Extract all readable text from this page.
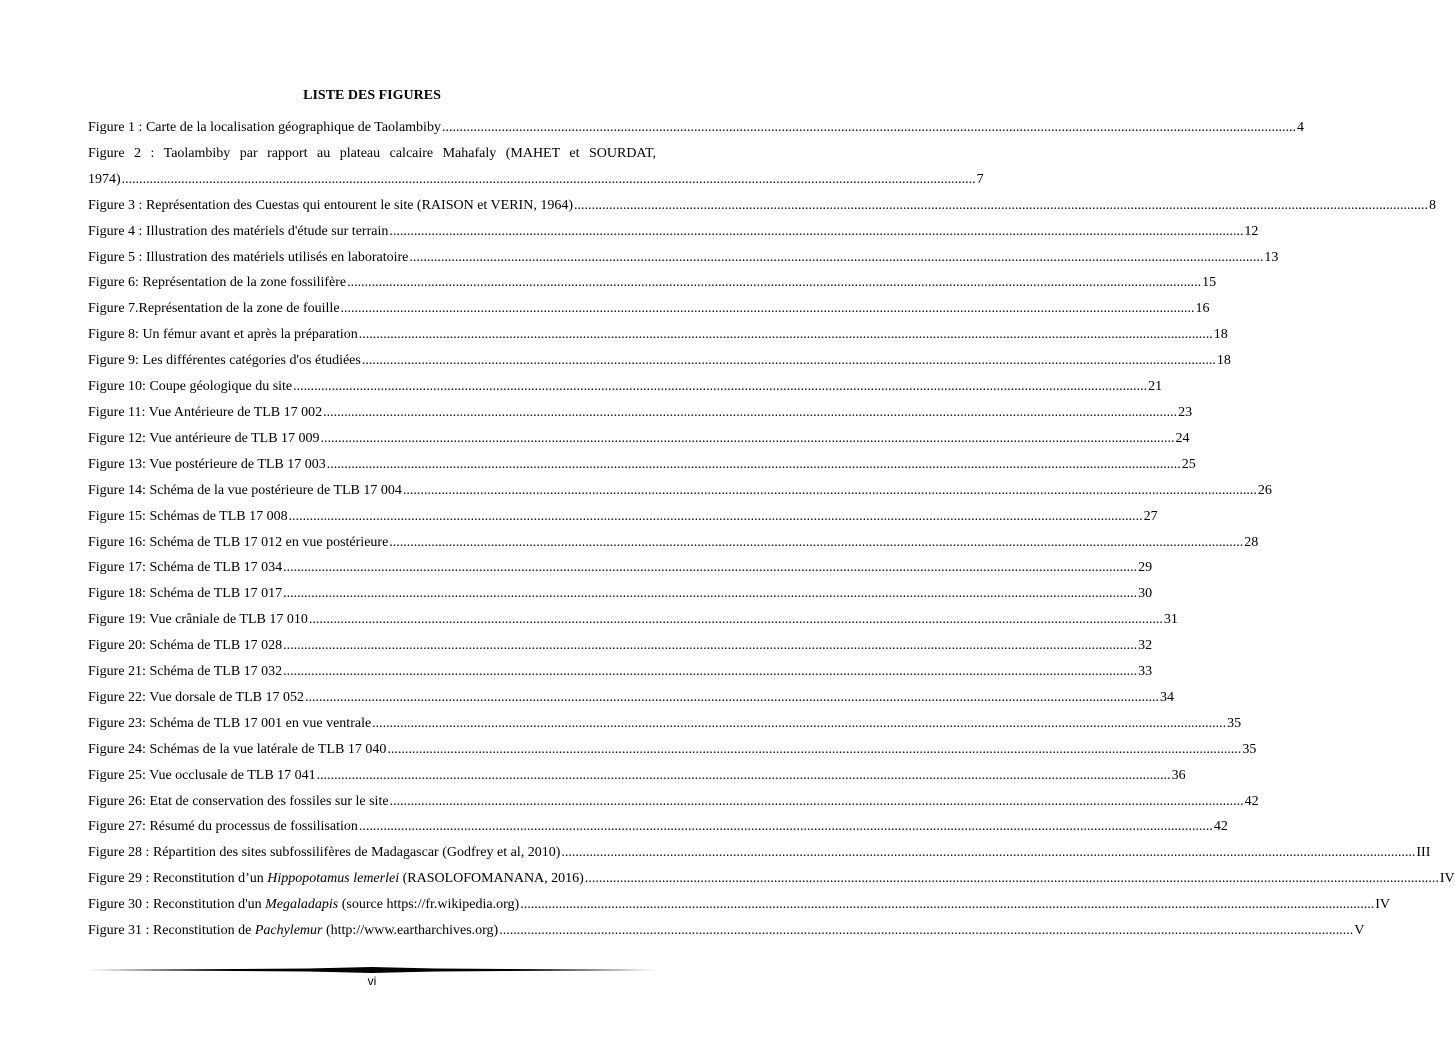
LISTE DES FIGURES
Figure 1 : Carte de la localisation géographique de Taolambiby .....	4
Figure 2 : Taolambiby par rapport au plateau calcaire Mahafaly (MAHET et SOURDAT,
1974) .....	7
Figure 3 : Représentation des Cuestas qui entourent le site (RAISON et VERIN, 1964) .....	8
Figure 4 : Illustration des matériels d'étude sur terrain .....	12
Figure 5 : Illustration des matériels utilisés en laboratoire .....	13
Figure 6: Représentation de la zone fossilifère .....	15
Figure 7.Représentation de la zone de fouille .....	16
Figure 8: Un fémur avant et après la préparation .....	18
Figure 9: Les différentes catégories d'os étudiées .....	18
Figure 10: Coupe géologique du site .....	21
Figure 11: Vue Antérieure de TLB 17 002 .....	23
Figure 12: Vue antérieure de TLB 17 009 .....	24
Figure 13: Vue postérieure de TLB 17 003 .....	25
Figure 14: Schéma de la vue postérieure de TLB 17 004 .....	26
Figure 15: Schémas de TLB 17 008 .....	27
Figure 16: Schéma de TLB 17 012 en vue postérieure .....	28
Figure 17: Schéma de TLB 17 034 .....	29
Figure 18: Schéma de TLB 17 017 .....	30
Figure 19: Vue crâniale de TLB 17 010 .....	31
Figure 20: Schéma de TLB 17 028 .....	32
Figure 21: Schéma de TLB 17 032 .....	33
Figure 22: Vue dorsale de TLB 17 052 .....	34
Figure 23: Schéma de TLB 17 001 en vue ventrale .....	35
Figure 24: Schémas de la vue latérale de TLB 17 040 .....	35
Figure 25: Vue occlusale de TLB 17 041 .....	36
Figure 26: Etat de conservation des fossiles sur le site .....	42
Figure 27: Résumé du processus de fossilisation .....	42
Figure 28 : Répartition des sites subfossilifères de Madagascar (Godfrey et al, 2010) .....	III
Figure 29 : Reconstitution d’un Hippopotamus lemerlei (RASOLOFOMANANA, 2016) .....	IV
Figure 30 : Reconstitution d'un Megaladapis (source https://fr.wikipedia.org) .....	IV
Figure 31 : Reconstitution de Pachylemur (http://www.eartharchives.org) .....	V
vi
